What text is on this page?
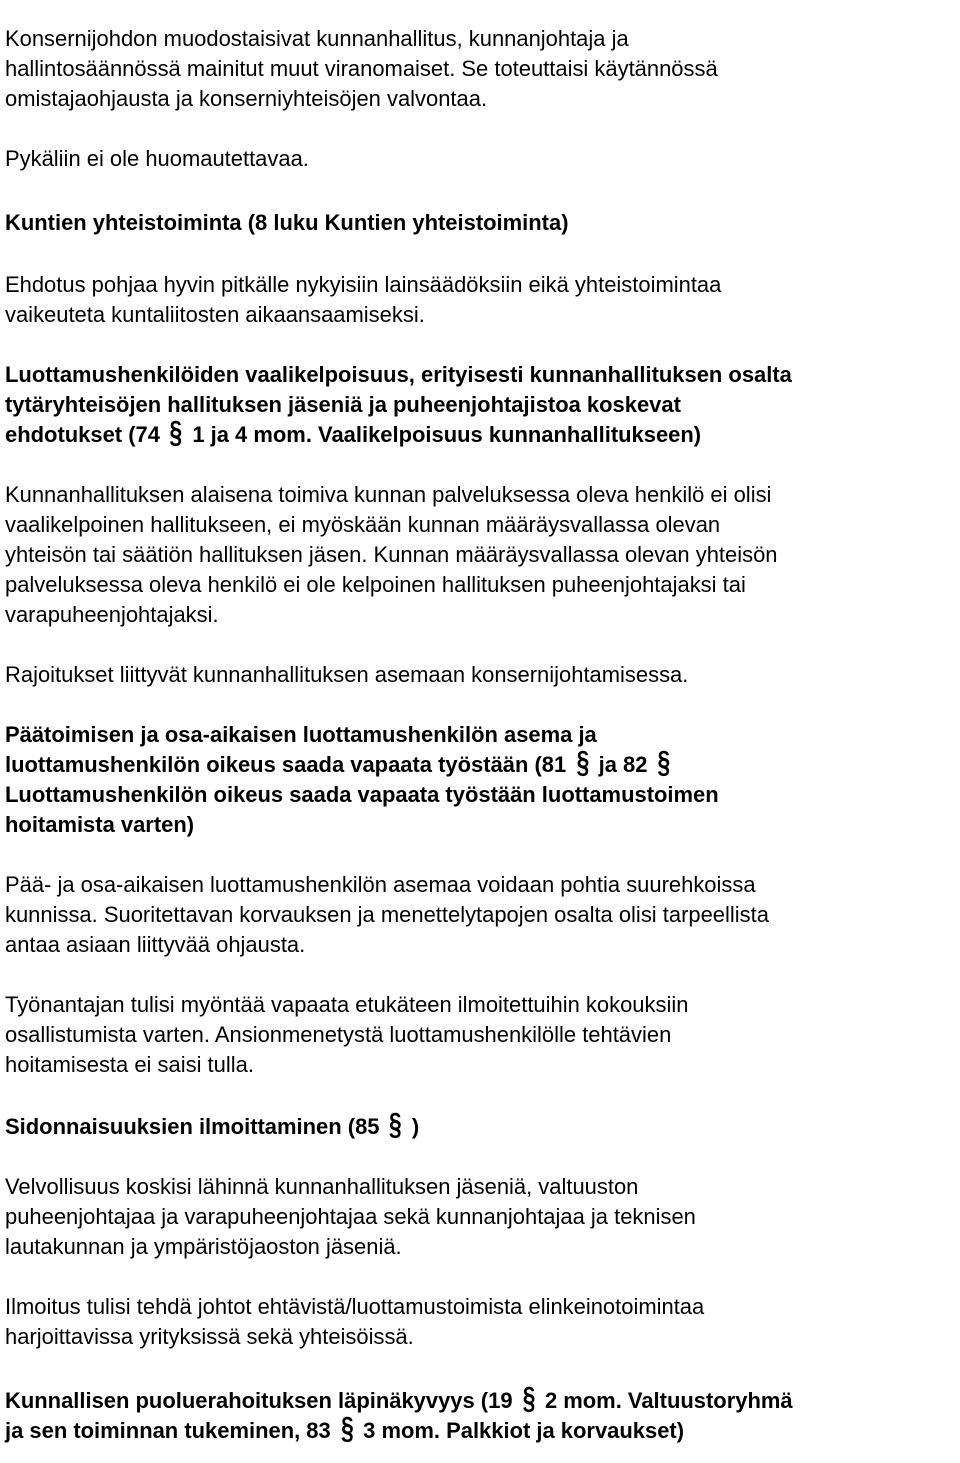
Konsernijohdon muodostaisivat kunnanhallitus, kunnanjohtaja ja
hallintosäännössä mainitut muut viranomaiset. Se toteuttaisi käytännössä
omistajaohjausta ja konserniyhteisöjen valvontaa.
Pykäliin ei ole huomautettavaa.
Kuntien yhteistoiminta (8 luku Kuntien yhteistoiminta)
Ehdotus pohjaa hyvin pitkälle nykyisiin lainsäädöksiin eikä yhteistoimintaa
vaikeuteta kuntaliitosten aikaansaamiseksi.
Luottamushenkilöiden vaalikelpoisuus, erityisesti kunnanhallituksen osalta
tytäryhteisöjen hallituksen jäseniä ja puheenjohtajistoa koskevat
ehdotukset (74 § 1 ja 4 mom. Vaalikelpoisuus kunnanhallitukseen)
Kunnanhallituksen alaisena toimiva kunnan palveluksessa oleva henkilö ei olisi
vaalikelpoinen hallitukseen, ei myöskään kunnan määräysvallassa olevan
yhteisön tai säätiön hallituksen jäsen. Kunnan määräysvallassa olevan yhteisön
palveluksessa oleva henkilö ei ole kelpoinen hallituksen puheenjohtajaksi tai
varapuheenjohtajaksi.
Rajoitukset liittyvät kunnanhallituksen asemaan konsernijohtamisessa.
Päätoimisen ja osa-aikaisen luottamushenkilön asema ja
luottamushenkilön oikeus saada vapaata työstään (81 § ja 82 §
Luottamushenkilön oikeus saada vapaata työstään luottamustoimen
hoitamista varten)
Pää- ja osa-aikaisen luottamushenkilön asemaa voidaan pohtia suurehkoissa
kunnissa. Suoritettavan korvauksen ja menettelytapojen osalta olisi tarpeellista
antaa asiaan liittyvää ohjausta.
Työnantajan tulisi myöntää vapaata etukäteen ilmoitettuihin kokouksiin
osallistumista varten. Ansionmenetystä luottamushenkilölle tehtävien
hoitamisesta ei saisi tulla.
Sidonnaisuuksien ilmoittaminen (85 § )
Velvollisuus koskisi lähinnä kunnanhallituksen jäseniä, valtuuston
puheenjohtajaa ja varapuheenjohtajaa sekä kunnanjohtajaa ja teknisen
lautakunnan ja ympäristöjaoston jäseniä.
Ilmoitus tulisi tehdä johtot ehtävistä/luottamustoimista elinkeinotoimintaa
harjoittavissa yrityksissä sekä yhteisöissä.
Kunnallisen puoluerahoituksen läpinäkyvyys (19 § 2 mom. Valtuustoryhmä
ja sen toiminnan tukeminen, 83 § 3 mom. Palkkiot ja korvaukset)
